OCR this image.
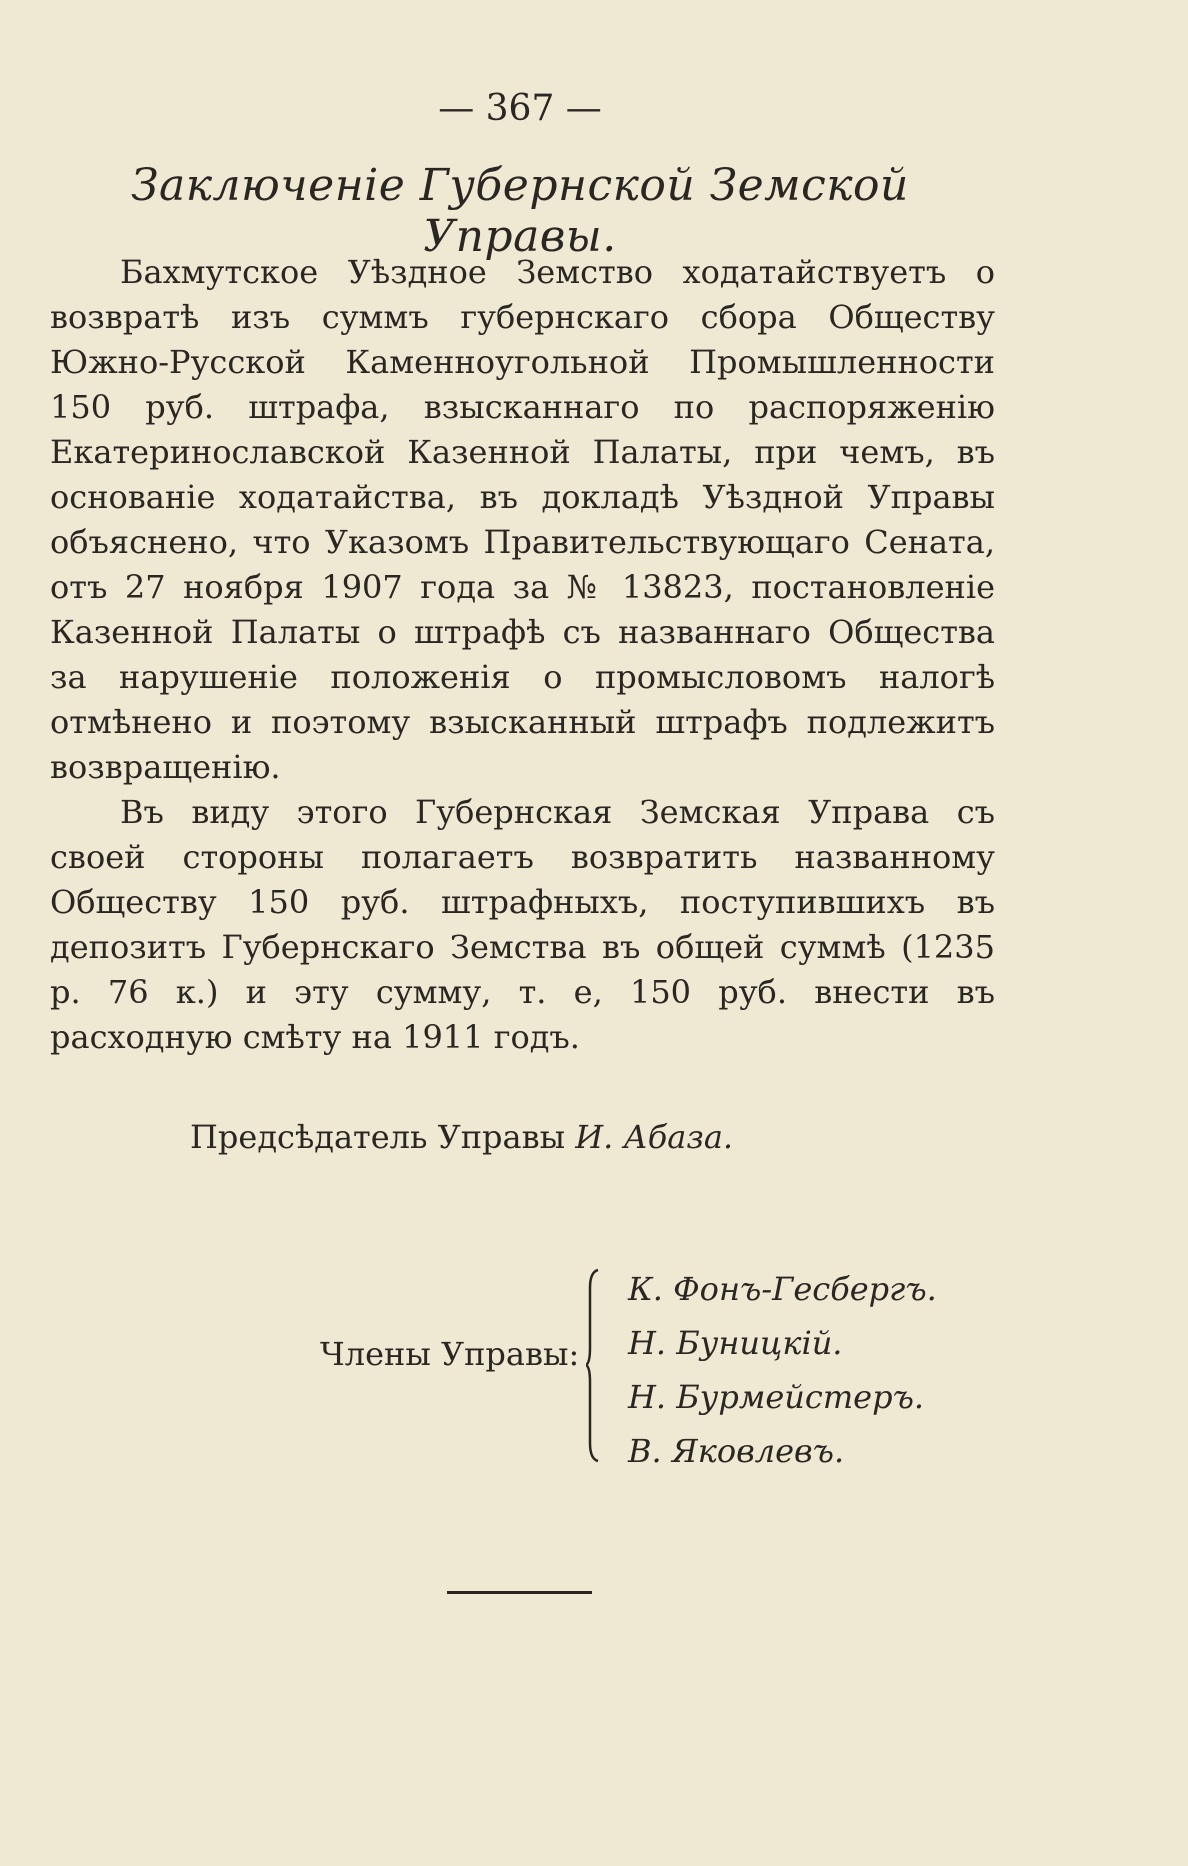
— 367 —
Заключеніе Губернской Земской Управы.

Бахмутское Уѣздное Земство ходатайствуетъ о возвратѣ изъ суммъ губернскаго сбора Обществу Южно-Русской Каменноугольной Промышленности 150 руб. штрафа, взысканнаго по распоряженію Екатеринославской Казенной Палаты, при чемъ, въ основаніе ходатайства, въ докладѣ Уѣздной Управы объяснено, что Указомъ Правительствующаго Сената, отъ 27 ноября 1907 года за № 13823, постановленіе Казенной Палаты о штрафѣ съ названнаго Общества за нарушеніе положенія о промысловомъ налогѣ отмѣнено и поэтому взысканный штрафъ подлежитъ возвращенію.

Въ виду этого Губернская Земская Управа съ своей стороны полагаетъ возвратить названному Обществу 150 руб. штрафныхъ, поступившихъ въ депозитъ Губернскаго Земства въ общей суммѣ (1235 р. 76 к.) и эту сумму, т. е, 150 руб. внести въ расходную смѣту на 1911 годъ.

Предсѣдатель Управы И. Абаза.
Члены Управы:
К. Фонъ-Гесбергъ.
Н. Буницкій.
Н. Бурмейстеръ.
В. Яковлевъ.
